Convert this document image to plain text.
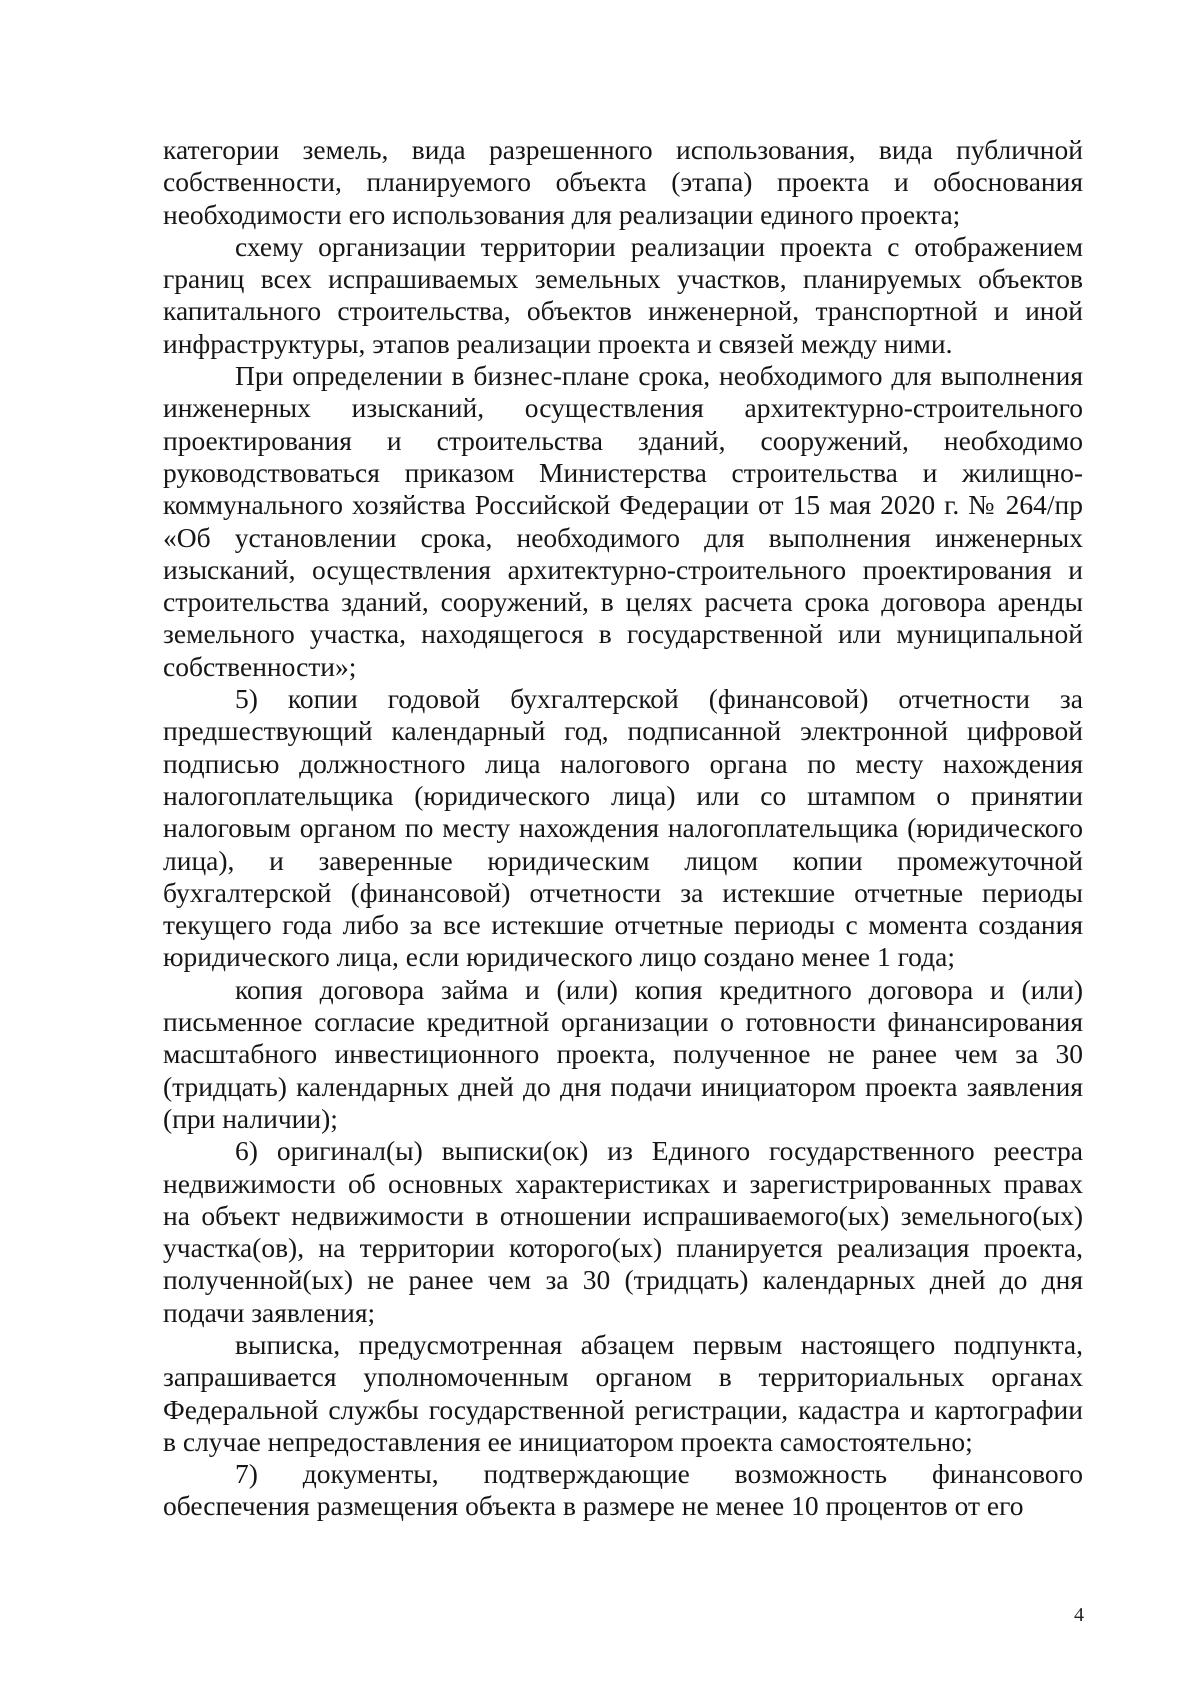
категории земель, вида разрешенного использования, вида публичной собственности, планируемого объекта (этапа) проекта и обоснования необходимости его использования для реализации единого проекта;

схему организации территории реализации проекта с отображением границ всех испрашиваемых земельных участков, планируемых объектов капитального строительства, объектов инженерной, транспортной и иной инфраструктуры, этапов реализации проекта и связей между ними.

При определении в бизнес-плане срока, необходимого для выполнения инженерных изысканий, осуществления архитектурно-строительного проектирования и строительства зданий, сооружений, необходимо руководствоваться приказом Министерства строительства и жилищно-коммунального хозяйства Российской Федерации от 15 мая 2020 г. № 264/пр «Об установлении срока, необходимого для выполнения инженерных изысканий, осуществления архитектурно-строительного проектирования и строительства зданий, сооружений, в целях расчета срока договора аренды земельного участка, находящегося в государственной или муниципальной собственности»;

5) копии годовой бухгалтерской (финансовой) отчетности за предшествующий календарный год, подписанной электронной цифровой подписью должностного лица налогового органа по месту нахождения налогоплательщика (юридического лица) или со штампом о принятии налоговым органом по месту нахождения налогоплательщика (юридического лица), и заверенные юридическим лицом копии промежуточной бухгалтерской (финансовой) отчетности за истекшие отчетные периоды текущего года либо за все истекшие отчетные периоды с момента создания юридического лица, если юридического лицо создано менее 1 года;

копия договора займа и (или) копия кредитного договора и (или) письменное согласие кредитной организации о готовности финансирования масштабного инвестиционного проекта, полученное не ранее чем за 30 (тридцать) календарных дней до дня подачи инициатором проекта заявления (при наличии);

6) оригинал(ы) выписки(ок) из Единого государственного реестра недвижимости об основных характеристиках и зарегистрированных правах на объект недвижимости в отношении испрашиваемого(ых) земельного(ых) участка(ов), на территории которого(ых) планируется реализация проекта, полученной(ых) не ранее чем за 30 (тридцать) календарных дней до дня подачи заявления;

выписка, предусмотренная абзацем первым настоящего подпункта, запрашивается уполномоченным органом в территориальных органах Федеральной службы государственной регистрации, кадастра и картографии в случае непредоставления ее инициатором проекта самостоятельно;

7) документы, подтверждающие возможность финансового обеспечения размещения объекта в размере не менее 10 процентов от его

4
